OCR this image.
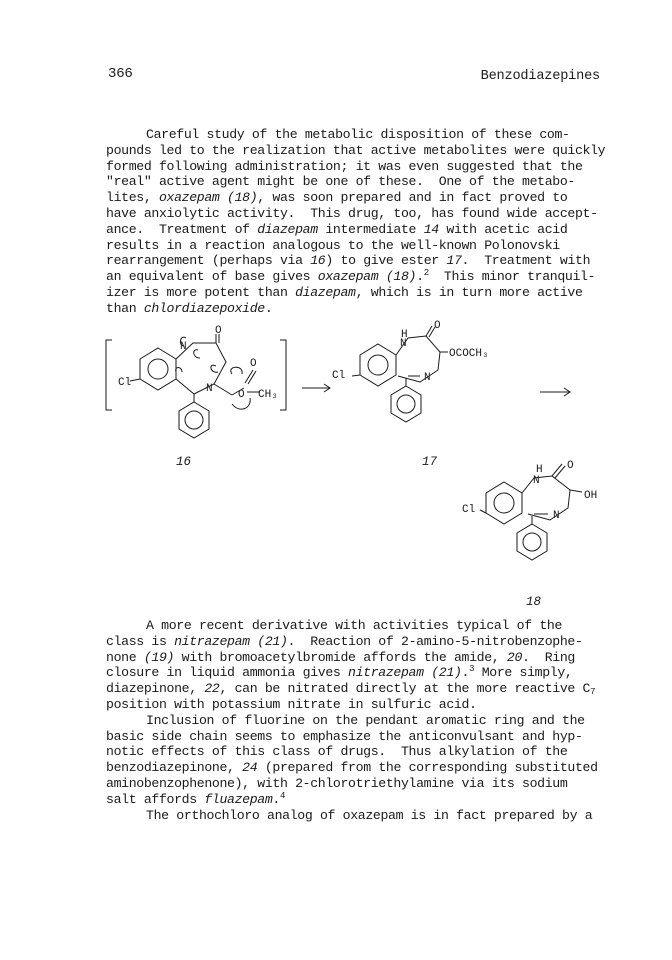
366	Benzodiazepines
Careful study of the metabolic disposition of these com-
pounds led to the realization that active metabolites were quickly
formed following administration; it was even suggested that the
"real" active agent might be one of these.  One of the metabo-
lites, oxazepam (18), was soon prepared and in fact proved to
have anxiolytic activity.  This drug, too, has found wide accept-
ance.  Treatment of diazepam intermediate 14 with acetic acid
results in a reaction analogous to the well-known Polonovski
rearrangement (perhaps via 16) to give ester 17.  Treatment with
an equivalent of base gives oxazepam (18).$^2$  This minor tranquil-
izer is more potent than diazepam, which is in turn more active
than chlordiazepoxide.
A more recent derivative with activities typical of the
class is nitrazepam (21).  Reaction of 2-amino-5-nitrobenzophe-
none (19) with bromoacetylbromide affords the amide, 20.  Ring
closure in liquid ammonia gives nitrazepam (21).$^3$ More simply,
diazepinone, 22, can be nitrated directly at the more reactive $C_7$
position with potassium nitrate in sulfuric acid.
Inclusion of fluorine on the pendant aromatic ring and the
basic side chain seems to emphasize the anticonvulsant and hyp-
notic effects of this class of drugs.  Thus alkylation of the
benzodiazepinone, 24 (prepared from the corresponding substituted
aminobenzophenone), with 2-chlorotriethylamine via its sodium
salt affords fluazepam.$^4$
The orthochloro analog of oxazepam is in fact prepared by a
N
O
O
N O
Cl
CH₃
H
N
O
OCOCH₃
N
Cl
H
N
O
OH
N
Cl
16	17
18
